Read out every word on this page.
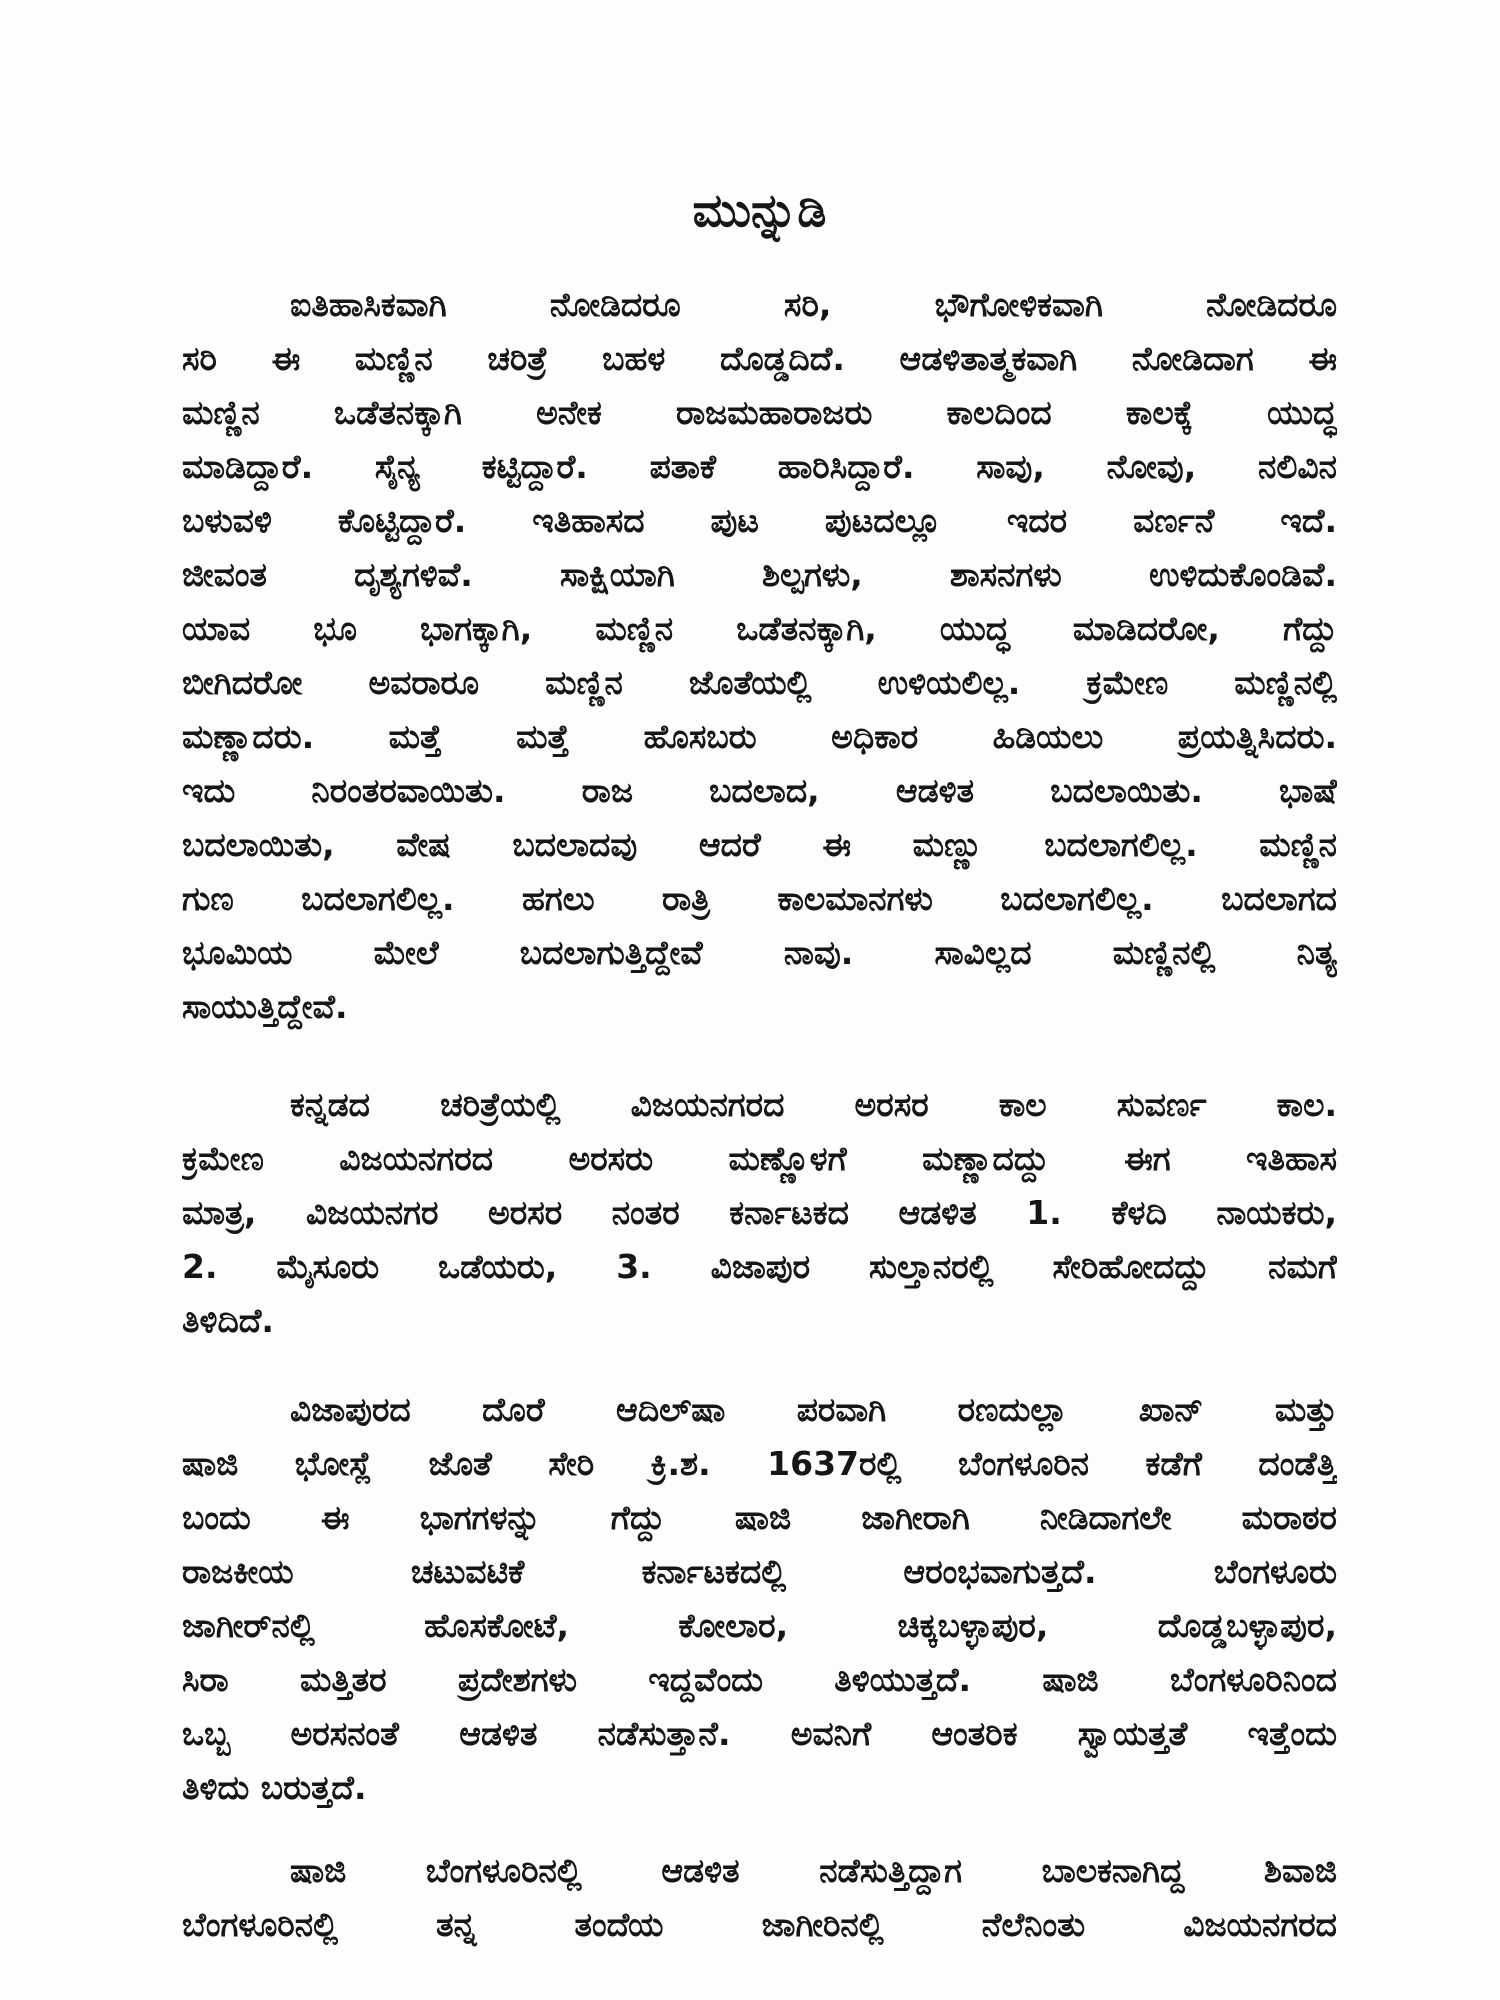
ಮುನ್ನುಡಿ
ಐತಿಹಾಸಿಕವಾಗಿ ನೋಡಿದರೂ ಸರಿ, ಭೌಗೋಳಿಕವಾಗಿ ನೋಡಿದರೂ
ಸರಿ ಈ ಮಣ್ಣಿನ ಚರಿತ್ರೆ ಬಹಳ ದೊಡ್ಡದಿದೆ. ಆಡಳಿತಾತ್ಮಕವಾಗಿ ನೋಡಿದಾಗ ಈ
ಮಣ್ಣಿನ ಒಡೆತನಕ್ಕಾಗಿ ಅನೇಕ ರಾಜಮಹಾರಾಜರು ಕಾಲದಿಂದ ಕಾಲಕ್ಕೆ ಯುದ್ಧ
ಮಾಡಿದ್ದಾರೆ. ಸೈನ್ಯ ಕಟ್ಟಿದ್ದಾರೆ. ಪತಾಕೆ ಹಾರಿಸಿದ್ದಾರೆ. ಸಾವು, ನೋವು, ನಲಿವಿನ
ಬಳುವಳಿ ಕೊಟ್ಟಿದ್ದಾರೆ. ಇತಿಹಾಸದ ಪುಟ ಪುಟದಲ್ಲೂ ಇದರ ವರ್ಣನೆ ಇದೆ.
ಜೀವಂತ ದೃಶ್ಯಗಳಿವೆ. ಸಾಕ್ಷಿಯಾಗಿ ಶಿಲ್ಪಗಳು, ಶಾಸನಗಳು ಉಳಿದುಕೊಂಡಿವೆ.
ಯಾವ ಭೂ ಭಾಗಕ್ಕಾಗಿ, ಮಣ್ಣಿನ ಒಡೆತನಕ್ಕಾಗಿ, ಯುದ್ಧ ಮಾಡಿದರೋ, ಗೆದ್ದು
ಬೀಗಿದರೋ ಅವರಾರೂ ಮಣ್ಣಿನ ಜೊತೆಯಲ್ಲಿ ಉಳಿಯಲಿಲ್ಲ. ಕ್ರಮೇಣ ಮಣ್ಣಿನಲ್ಲಿ
ಮಣ್ಣಾದರು. ಮತ್ತೆ ಮತ್ತೆ ಹೊಸಬರು ಅಧಿಕಾರ ಹಿಡಿಯಲು ಪ್ರಯತ್ನಿಸಿದರು.
ಇದು ನಿರಂತರವಾಯಿತು. ರಾಜ ಬದಲಾದ, ಆಡಳಿತ ಬದಲಾಯಿತು. ಭಾಷೆ
ಬದಲಾಯಿತು, ವೇಷ ಬದಲಾದವು ಆದರೆ ಈ ಮಣ್ಣು ಬದಲಾಗಲಿಲ್ಲ. ಮಣ್ಣಿನ
ಗುಣ ಬದಲಾಗಲಿಲ್ಲ. ಹಗಲು ರಾತ್ರಿ ಕಾಲಮಾನಗಳು ಬದಲಾಗಲಿಲ್ಲ. ಬದಲಾಗದ
ಭೂಮಿಯ ಮೇಲೆ ಬದಲಾಗುತ್ತಿದ್ದೇವೆ ನಾವು. ಸಾವಿಲ್ಲದ ಮಣ್ಣಿನಲ್ಲಿ ನಿತ್ಯ
ಸಾಯುತ್ತಿದ್ದೇವೆ.
ಕನ್ನಡದ ಚರಿತ್ರೆಯಲ್ಲಿ ವಿಜಯನಗರದ ಅರಸರ ಕಾಲ ಸುವರ್ಣ ಕಾಲ.
ಕ್ರಮೇಣ ವಿಜಯನಗರದ ಅರಸರು ಮಣ್ಣೊಳಗೆ ಮಣ್ಣಾದದ್ದು ಈಗ ಇತಿಹಾಸ
ಮಾತ್ರ, ವಿಜಯನಗರ ಅರಸರ ನಂತರ ಕರ್ನಾಟಕದ ಆಡಳಿತ 1. ಕೆಳದಿ ನಾಯಕರು,
2. ಮೈಸೂರು ಒಡೆಯರು, 3. ವಿಜಾಪುರ ಸುಲ್ತಾನರಲ್ಲಿ ಸೇರಿಹೋದದ್ದು ನಮಗೆ
ತಿಳಿದಿದೆ.
ವಿಜಾಪುರದ ದೊರೆ ಆದಿಲ್‌ಷಾ ಪರವಾಗಿ ರಣದುಲ್ಲಾ ಖಾನ್ ಮತ್ತು
ಷಾಜಿ ಭೋಸ್ಲೆ ಜೊತೆ ಸೇರಿ ಕ್ರಿ.ಶ. 1637ರಲ್ಲಿ ಬೆಂಗಳೂರಿನ ಕಡೆಗೆ ದಂಡೆತ್ತಿ
ಬಂದು ಈ ಭಾಗಗಳನ್ನು ಗೆದ್ದು ಷಾಜಿ ಜಾಗೀರಾಗಿ ನೀಡಿದಾಗಲೇ ಮರಾಠರ
ರಾಜಕೀಯ ಚಟುವಟಿಕೆ ಕರ್ನಾಟಕದಲ್ಲಿ ಆರಂಭವಾಗುತ್ತದೆ. ಬೆಂಗಳೂರು
ಜಾಗೀರ್‌ನಲ್ಲಿ ಹೊಸಕೋಟೆ, ಕೋಲಾರ, ಚಿಕ್ಕಬಳ್ಳಾಪುರ, ದೊಡ್ಡಬಳ್ಳಾಪುರ,
ಸಿರಾ ಮತ್ತಿತರ ಪ್ರದೇಶಗಳು ಇದ್ದವೆಂದು ತಿಳಿಯುತ್ತದೆ. ಷಾಜಿ ಬೆಂಗಳೂರಿನಿಂದ
ಒಬ್ಬ ಅರಸನಂತೆ ಆಡಳಿತ ನಡೆಸುತ್ತಾನೆ. ಅವನಿಗೆ ಆಂತರಿಕ ಸ್ವಾಯತ್ತತೆ ಇತ್ತೆಂದು
ತಿಳಿದು ಬರುತ್ತದೆ.
ಷಾಜಿ ಬೆಂಗಳೂರಿನಲ್ಲಿ ಆಡಳಿತ ನಡೆಸುತ್ತಿದ್ದಾಗ ಬಾಲಕನಾಗಿದ್ದ ಶಿವಾಜಿ
ಬೆಂಗಳೂರಿನಲ್ಲಿ ತನ್ನ ತಂದೆಯ ಜಾಗೀರಿನಲ್ಲಿ ನೆಲೆನಿಂತು ವಿಜಯನಗರದ
